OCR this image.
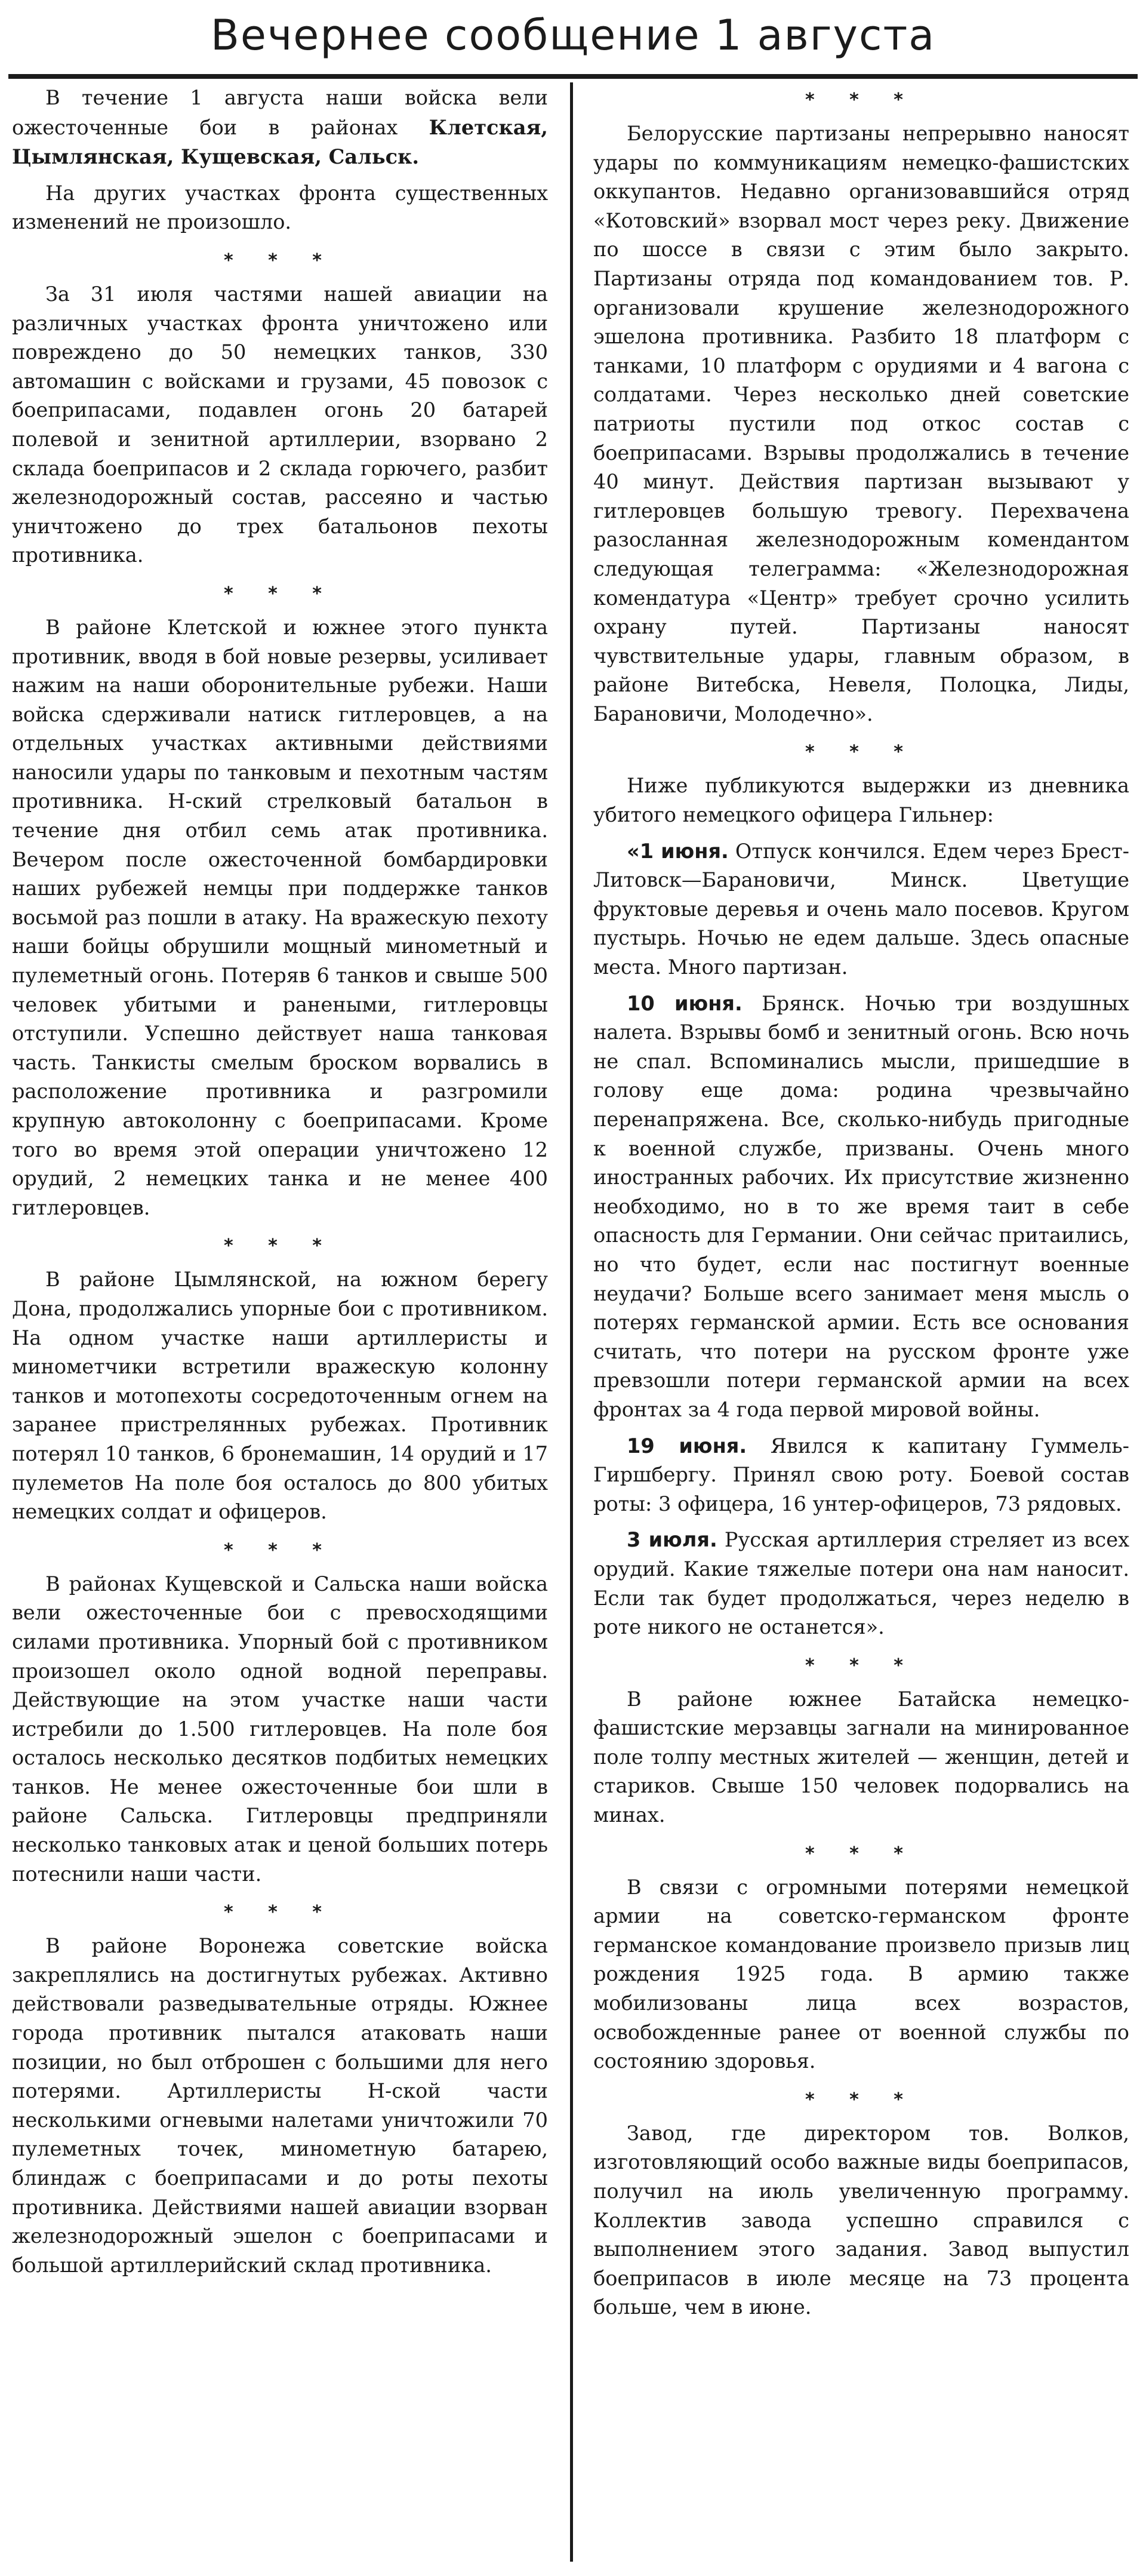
Вечернее сообщение 1 августа

В течение 1 августа наши войска вели ожесточенные бои в районах Клетская, Цымлянская, Кущевская, Сальск.

На других участках фронта существенных изменений не произошло.

* * *

За 31 июля частями нашей авиации на различных участках фронта уничтожено или повреждено до 50 немецких танков, 330 автомашин с войсками и грузами, 45 повозок с боеприпасами, подавлен огонь 20 батарей полевой и зенитной артиллерии, взорвано 2 склада боеприпасов и 2 склада горючего, разбит железнодорожный состав, рассеяно и частью уничтожено до трех батальонов пехоты противника.

* * *

В районе Клетской и южнее этого пункта противник, вводя в бой новые резервы, усиливает нажим на наши оборонительные рубежи. Наши войска сдерживали натиск гитлеровцев, а на отдельных участках активными действиями наносили удары по танковым и пехотным частям противника. Н-ский стрелковый батальон в течение дня отбил семь атак противника. Вечером после ожесточенной бомбардировки наших рубежей немцы при поддержке танков восьмой раз пошли в атаку. На вражескую пехоту наши бойцы обрушили мощный минометный и пулеметный огонь. Потеряв 6 танков и свыше 500 человек убитыми и ранеными, гитлеровцы отступили. Успешно действует наша танковая часть. Танкисты смелым броском ворвались в расположение противника и разгромили крупную автоколонну с боеприпасами. Кроме того во время этой операции уничтожено 12 орудий, 2 немецких танка и не менее 400 гитлеровцев.

* * *

В районе Цымлянской, на южном берегу Дона, продолжались упорные бои с противником. На одном участке наши артиллеристы и минометчики встретили вражескую колонну танков и мотопехоты сосредоточенным огнем на заранее пристрелянных рубежах. Противник потерял 10 танков, 6 бронемашин, 14 орудий и 17 пулеметов На поле боя осталось до 800 убитых немецких солдат и офицеров.

* * *

В районах Кущевской и Сальска наши войска вели ожесточенные бои с превосходящими силами противника. Упорный бой с противником произошел около одной водной переправы. Действующие на этом участке наши части истребили до 1.500 гитлеровцев. На поле боя осталось несколько десятков подбитых немецких танков. Не менее ожесточенные бои шли в районе Сальска. Гитлеровцы предприняли несколько танковых атак и ценой больших потерь потеснили наши части.

* * *

В районе Воронежа советские войска закреплялись на достигнутых рубежах. Активно действовали разведывательные отряды. Южнее города противник пытался атаковать наши позиции, но был отброшен с большими для него потерями. Артиллеристы Н-ской части несколькими огневыми налетами уничтожили 70 пулеметных точек, минометную батарею, блиндаж с боеприпасами и до роты пехоты противника. Действиями нашей авиации взорван железнодорожный эшелон с боеприпасами и большой артиллерийский склад противника.

* * *

Белорусские партизаны непрерывно наносят удары по коммуникациям немецко-фашистских оккупантов. Недавно организовавшийся отряд «Котовский» взорвал мост через реку. Движение по шоссе в связи с этим было закрыто. Партизаны отряда под командованием тов. Р. организовали крушение железнодорожного эшелона противника. Разбито 18 платформ с танками, 10 платформ с орудиями и 4 вагона с солдатами. Через несколько дней советские патриоты пустили под откос состав с боеприпасами. Взрывы продолжались в течение 40 минут. Действия партизан вызывают у гитлеровцев большую тревогу. Перехвачена разосланная железнодорожным комендантом следующая телеграмма: «Железнодорожная комендатура «Центр» требует срочно усилить охрану путей. Партизаны наносят чувствительные удары, главным образом, в районе Витебска, Невеля, Полоцка, Лиды, Барановичи, Молодечно».

* * *

Ниже публикуются выдержки из дневника убитого немецкого офицера Гильнер:

«1 июня. Отпуск кончился. Едем через Брест-Литовск—Барановичи, Минск. Цветущие фруктовые деревья и очень мало посевов. Кругом пустырь. Ночью не едем дальше. Здесь опасные места. Много партизан.

10 июня. Брянск. Ночью три воздушных налета. Взрывы бомб и зенитный огонь. Всю ночь не спал. Вспоминались мысли, пришедшие в голову еще дома: родина чрезвычайно перенапряжена. Все, сколько-нибудь пригодные к военной службе, призваны. Очень много иностранных рабочих. Их присутствие жизненно необходимо, но в то же время таит в себе опасность для Германии. Они сейчас притаились, но что будет, если нас постигнут военные неудачи? Больше всего занимает меня мысль о потерях германской армии. Есть все основания считать, что потери на русском фронте уже превзошли потери германской армии на всех фронтах за 4 года первой мировой войны.

19 июня. Явился к капитану Гуммель-Гиршбергу. Принял свою роту. Боевой состав роты: 3 офицера, 16 унтер-офицеров, 73 рядовых.

3 июля. Русская артиллерия стреляет из всех орудий. Какие тяжелые потери она нам наносит. Если так будет продолжаться, через неделю в роте никого не останется».

* * *

В районе южнее Батайска немецко-фашистские мерзавцы загнали на минированное поле толпу местных жителей — женщин, детей и стариков. Свыше 150 человек подорвались на минах.

* * *

В связи с огромными потерями немецкой армии на советско-германском фронте германское командование произвело призыв лиц рождения 1925 года. В армию также мобилизованы лица всех возрастов, освобожденные ранее от военной службы по состоянию здоровья.

* * *

Завод, где директором тов. Волков, изготовляющий особо важные виды боеприпасов, получил на июль увеличенную программу. Коллектив завода успешно справился с выполнением этого задания. Завод выпустил боеприпасов в июле месяце на 73 процента больше, чем в июне.
